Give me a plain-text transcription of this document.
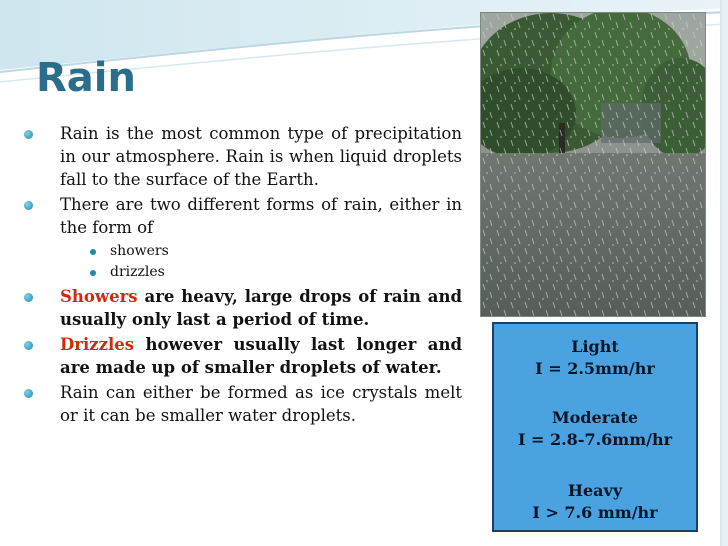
Rain

Rain is the most common type of precipitation in our atmosphere. Rain is when liquid droplets fall to the surface of the Earth.

There are two different forms of rain, either in the form of

showers

drizzles

Showers are heavy, large drops of rain and usually only last a period of time.

Drizzles however usually last longer and are made up of smaller droplets of water.

Rain can either be formed as ice crystals melt or it can be smaller water droplets.

Light
I = 2.5mm/hr
Moderate
I = 2.8-7.6mm/hr
Heavy
I > 7.6 mm/hr
